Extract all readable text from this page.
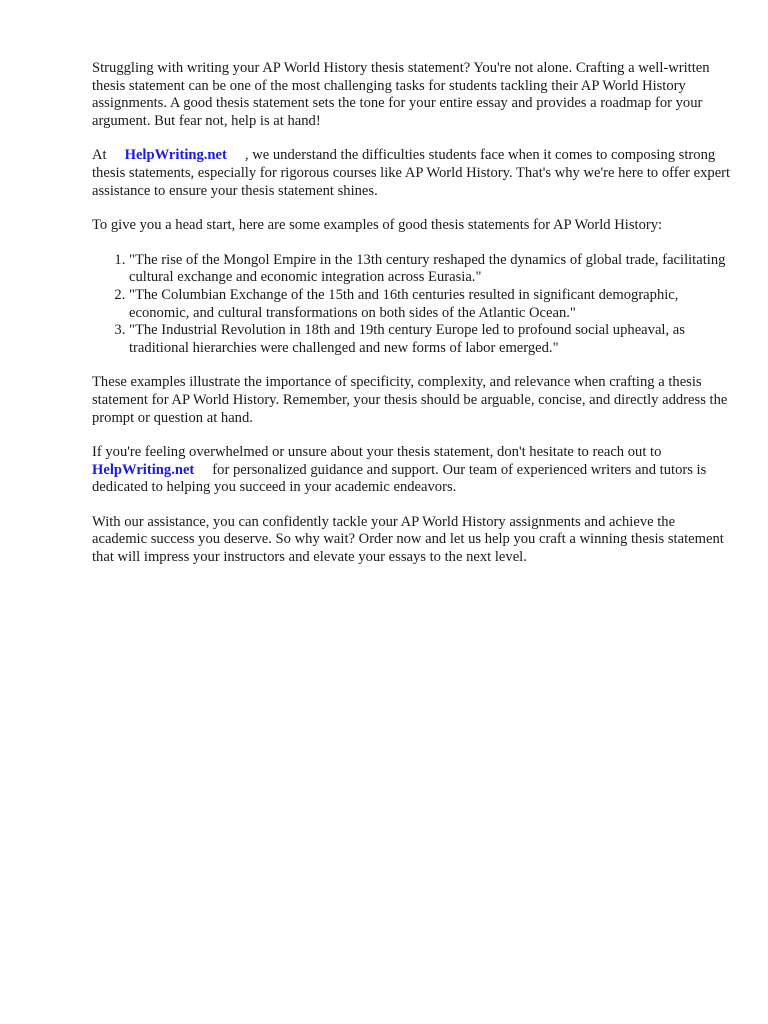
Struggling with writing your AP World History thesis statement? You're not alone. Crafting a well-written thesis statement can be one of the most challenging tasks for students tackling their AP World History assignments. A good thesis statement sets the tone for your entire essay and provides a roadmap for your argument. But fear not, help is at hand!

At HelpWriting.net , we understand the difficulties students face when it comes to composing strong thesis statements, especially for rigorous courses like AP World History. That's why we're here to offer expert assistance to ensure your thesis statement shines.

To give you a head start, here are some examples of good thesis statements for AP World History:

1. "The rise of the Mongol Empire in the 13th century reshaped the dynamics of global trade, facilitating cultural exchange and economic integration across Eurasia."
2. "The Columbian Exchange of the 15th and 16th centuries resulted in significant demographic, economic, and cultural transformations on both sides of the Atlantic Ocean."
3. "The Industrial Revolution in 18th and 19th century Europe led to profound social upheaval, as traditional hierarchies were challenged and new forms of labor emerged."

These examples illustrate the importance of specificity, complexity, and relevance when crafting a thesis statement for AP World History. Remember, your thesis should be arguable, concise, and directly address the prompt or question at hand.

If you're feeling overwhelmed or unsure about your thesis statement, don't hesitate to reach out to HelpWriting.net for personalized guidance and support. Our team of experienced writers and tutors is dedicated to helping you succeed in your academic endeavors.

With our assistance, you can confidently tackle your AP World History assignments and achieve the academic success you deserve. So why wait? Order now and let us help you craft a winning thesis statement that will impress your instructors and elevate your essays to the next level.
